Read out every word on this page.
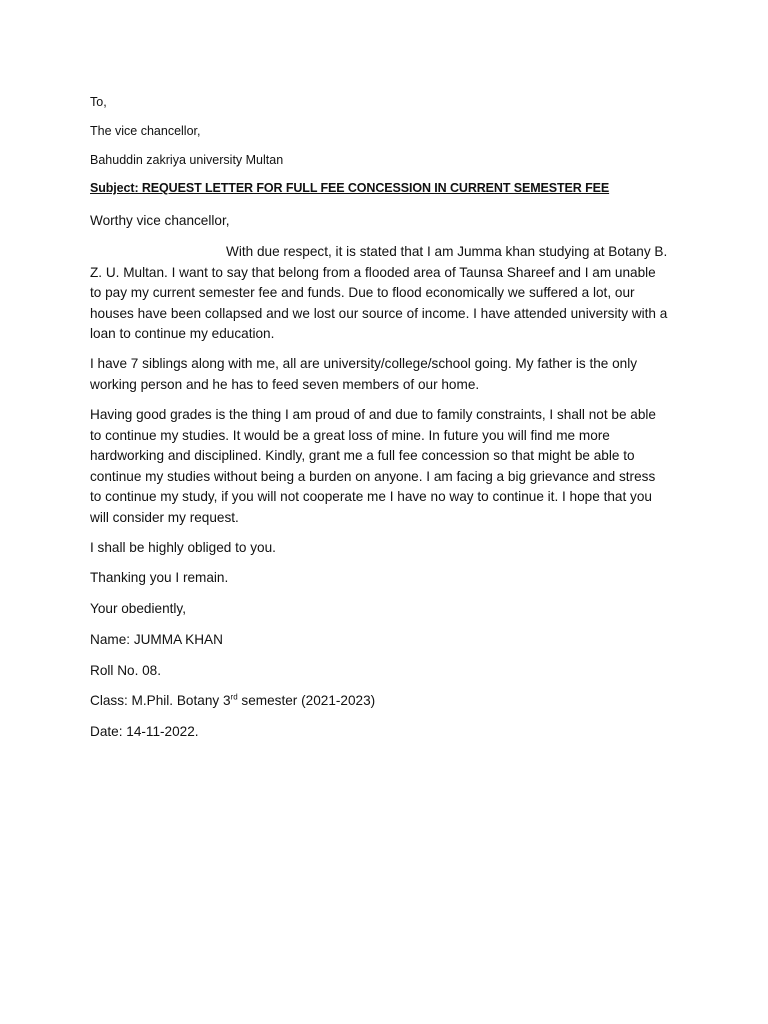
To,
The vice chancellor,
Bahuddin zakriya university Multan
Subject: REQUEST LETTER FOR FULL FEE CONCESSION IN CURRENT SEMESTER FEE
Worthy vice chancellor,
With due respect, it is stated that I am Jumma khan studying at Botany B.
Z. U. Multan. I want to say that belong from a flooded area of Taunsa Shareef and I am unable
to pay my current semester fee and funds. Due to flood economically we suffered a lot, our
houses have been collapsed and we lost our source of income. I have attended university with a
loan to continue my education.
I have 7 siblings along with me, all are university/college/school going. My father is the only
working person and he has to feed seven members of our home.
Having good grades is the thing I am proud of and due to family constraints, I shall not be able
to continue my studies. It would be a great loss of mine. In future you will find me more
hardworking and disciplined. Kindly, grant me a full fee concession so that might be able to
continue my studies without being a burden on anyone. I am facing a big grievance and stress
to continue my study, if you will not cooperate me I have no way to continue it. I hope that you
will consider my request.
I shall be highly obliged to you.
Thanking you I remain.
Your obediently,
Name: JUMMA KHAN
Roll No. 08.
Class: M.Phil. Botany 3rd semester (2021-2023)
Date: 14-11-2022.
